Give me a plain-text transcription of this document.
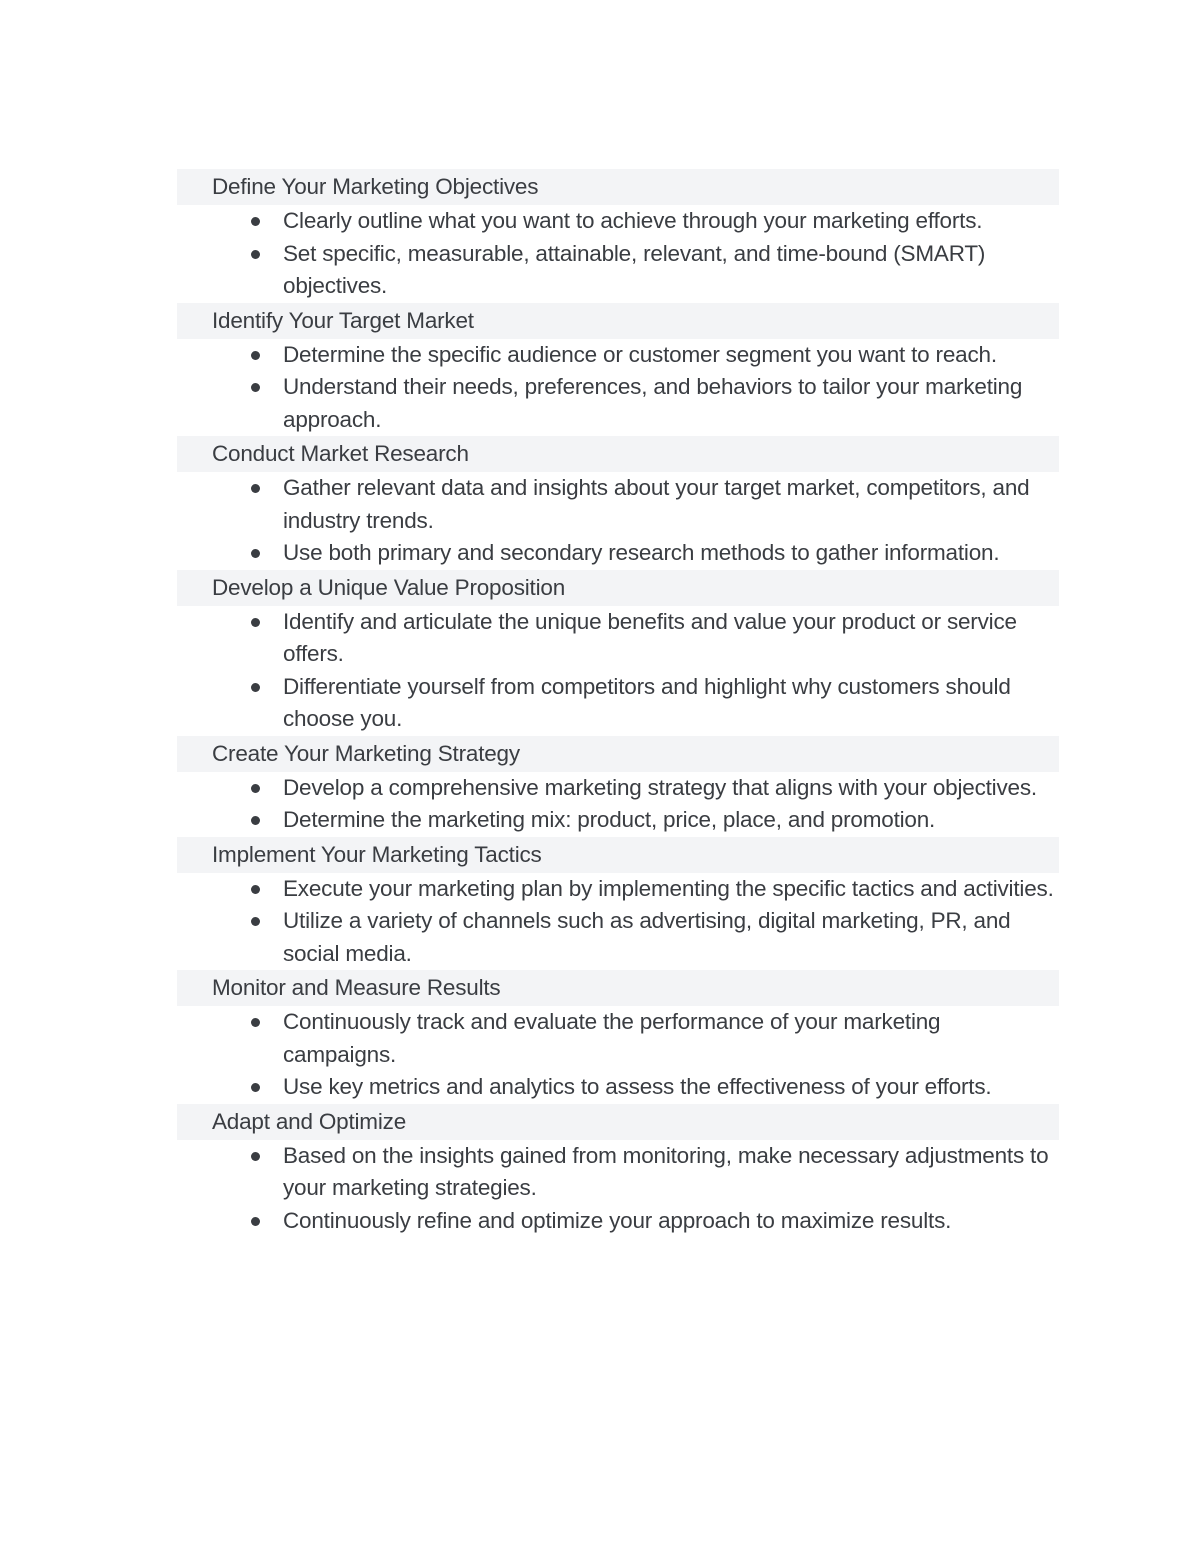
Define Your Marketing Objectives
Clearly outline what you want to achieve through your marketing efforts.
Set specific, measurable, attainable, relevant, and time-bound (SMART) objectives.
Identify Your Target Market
Determine the specific audience or customer segment you want to reach.
Understand their needs, preferences, and behaviors to tailor your marketing approach.
Conduct Market Research
Gather relevant data and insights about your target market, competitors, and industry trends.
Use both primary and secondary research methods to gather information.
Develop a Unique Value Proposition
Identify and articulate the unique benefits and value your product or service offers.
Differentiate yourself from competitors and highlight why customers should choose you.
Create Your Marketing Strategy
Develop a comprehensive marketing strategy that aligns with your objectives.
Determine the marketing mix: product, price, place, and promotion.
Implement Your Marketing Tactics
Execute your marketing plan by implementing the specific tactics and activities.
Utilize a variety of channels such as advertising, digital marketing, PR, and social media.
Monitor and Measure Results
Continuously track and evaluate the performance of your marketing campaigns.
Use key metrics and analytics to assess the effectiveness of your efforts.
Adapt and Optimize
Based on the insights gained from monitoring, make necessary adjustments to your marketing strategies.
Continuously refine and optimize your approach to maximize results.
